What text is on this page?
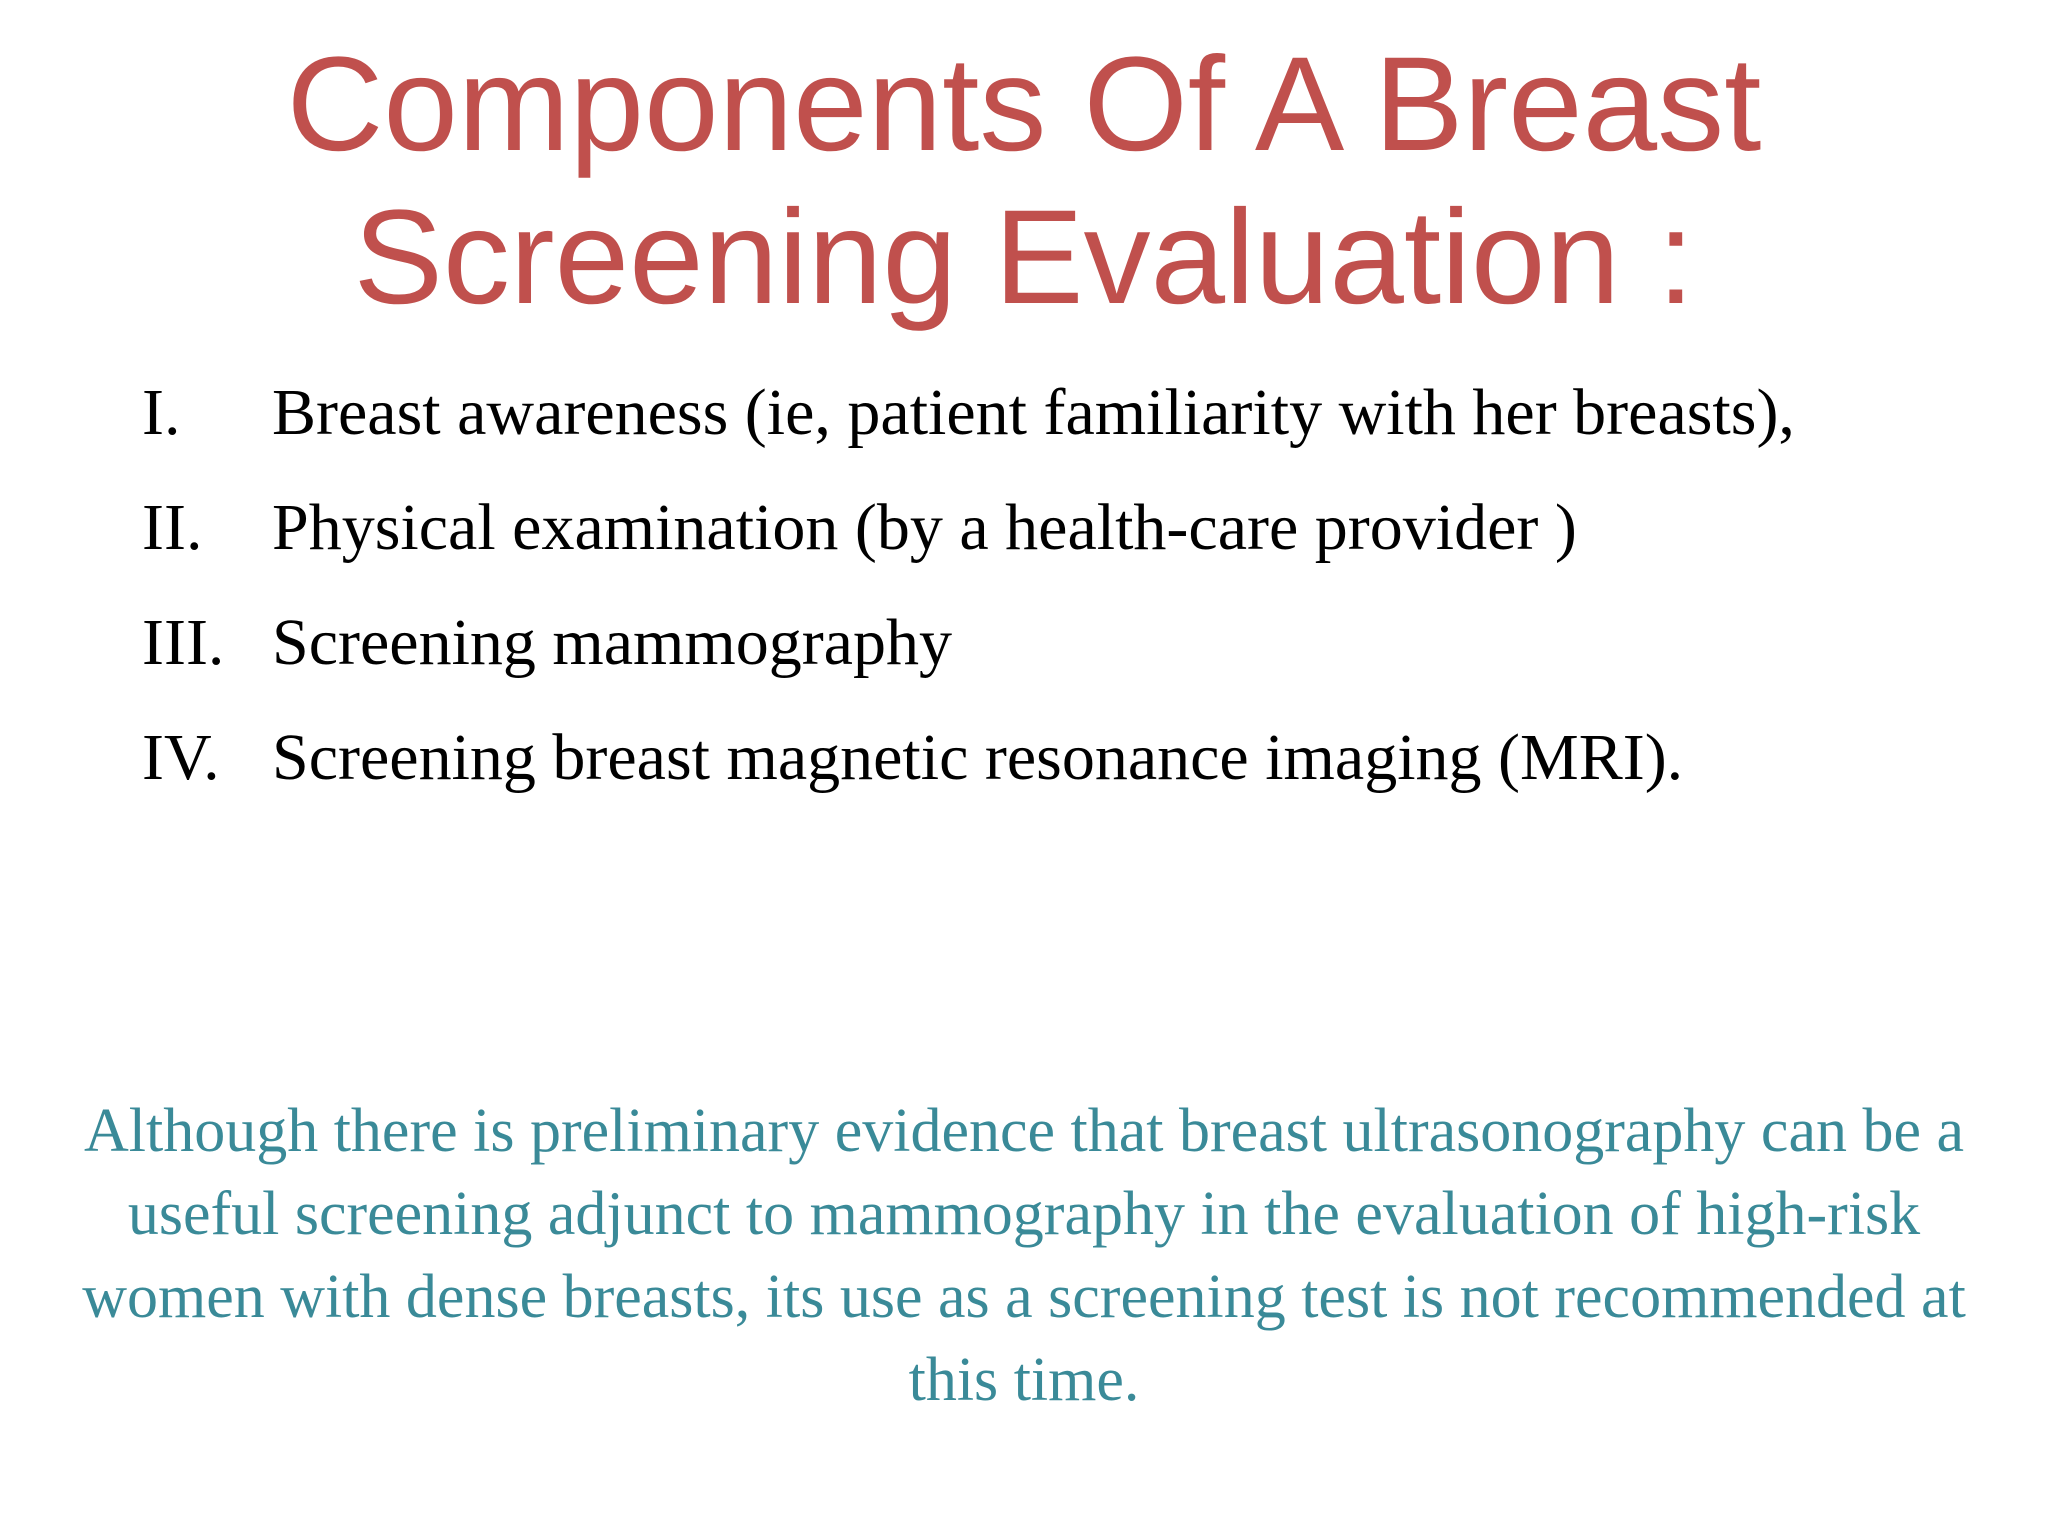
Components Of A Breast Screening Evaluation :
I.	Breast awareness (ie, patient familiarity with her breasts),
II.	Physical examination (by a health-care provider )
III. Screening mammography
IV. Screening breast magnetic resonance imaging (MRI).

Although there is preliminary evidence that breast ultrasonography can be a useful screening adjunct to mammography in the evaluation of high-risk women with dense breasts, its use as a screening test is not recommended at this time.
